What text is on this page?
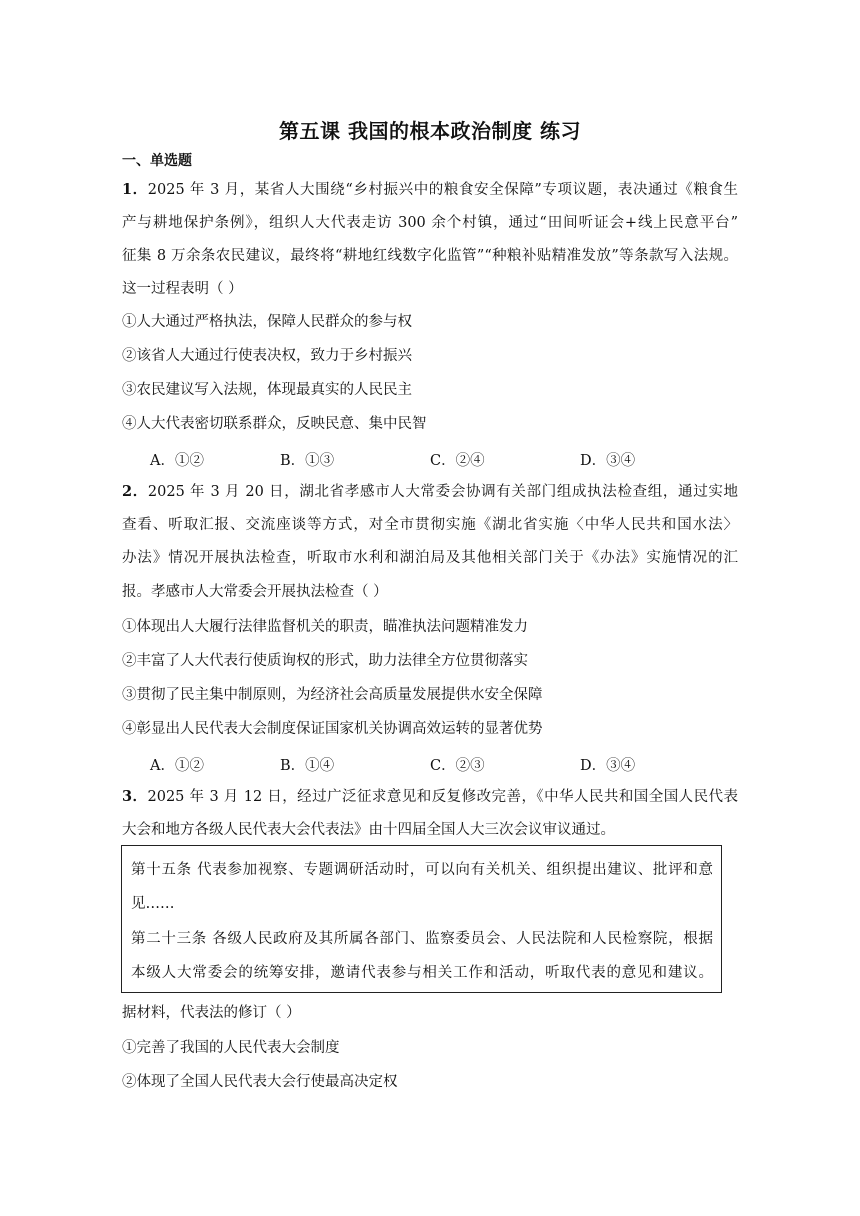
第五课 我国的根本政治制度 练习
一、单选题
1．2025 年 3 月，某省人大围绕“乡村振兴中的粮食安全保障”专项议题，表决通过《粮食生
产与耕地保护条例》，组织人大代表走访 300 余个村镇，通过“田间听证会+线上民意平台”
征集 8 万余条农民建议，最终将“耕地红线数字化监管”“种粮补贴精准发放”等条款写入法规。
这一过程表明（ ）
①人大通过严格执法，保障人民群众的参与权
②该省人大通过行使表决权，致力于乡村振兴
③农民建议写入法规，体现最真实的人民民主
④人大代表密切联系群众，反映民意、集中民智
A．①②	B．①③	C．②④	D．③④
2．2025 年 3 月 20 日，湖北省孝感市人大常委会协调有关部门组成执法检查组，通过实地
查看、听取汇报、交流座谈等方式，对全市贯彻实施《湖北省实施〈中华人民共和国水法〉
办法》情况开展执法检查，听取市水利和湖泊局及其他相关部门关于《办法》实施情况的汇
报。孝感市人大常委会开展执法检查（ ）
①体现出人大履行法律监督机关的职责，瞄准执法问题精准发力
②丰富了人大代表行使质询权的形式，助力法律全方位贯彻落实
③贯彻了民主集中制原则，为经济社会高质量发展提供水安全保障
④彰显出人民代表大会制度保证国家机关协调高效运转的显著优势
A．①②	B．①④	C．②③	D．③④
3．2025 年 3 月 12 日，经过广泛征求意见和反复修改完善，《中华人民共和国全国人民代表
大会和地方各级人民代表大会代表法》由十四届全国人大三次会议审议通过。
第十五条 代表参加视察、专题调研活动时，可以向有关机关、组织提出建议、批评和意
见……
第二十三条 各级人民政府及其所属各部门、监察委员会、人民法院和人民检察院，根据
本级人大常委会的统筹安排，邀请代表参与相关工作和活动，听取代表的意见和建议。
据材料，代表法的修订（ ）
①完善了我国的人民代表大会制度
②体现了全国人民代表大会行使最高决定权
